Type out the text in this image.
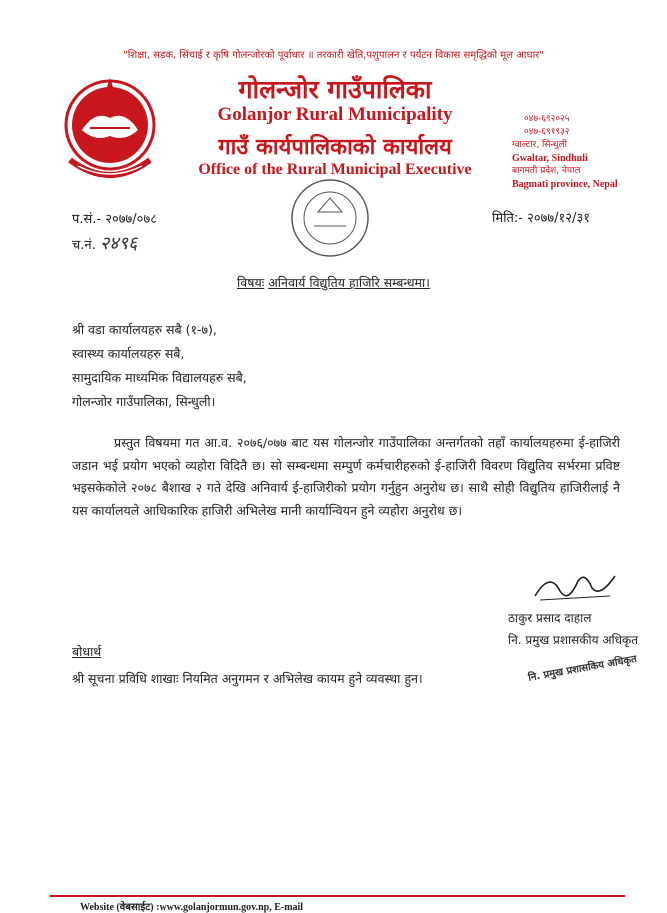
"शिक्षा, सडक, सिंचाई र कृषि गोलन्जोरको पूर्वाधार ॥ तरकारी खेति,पशुपालन र पर्यटन विकास समृद्धिको मूल आधार"
गोलन्जोर गाउँपालिका
Golanjor Rural Municipality
गाउँ कार्यपालिकाको कार्यालय
Office of the Rural Municipal Executive
०४७-६९२०२५
०४७-६९१९३२
ग्वाल्टार, सिन्धुली
Gwaltar, Sindhuli
बागमती प्रदेश, नेपाल
Bagmati province, Nepal
प.सं.- २०७७/०७८
च.नं. २४९६
मिति:- २०७७/१२/३१
विषयः अनिवार्य विद्युतिय हाजिरि सम्बन्धमा।
श्री वडा कार्यालयहरु सबै (१-७),
स्वास्थ्य कार्यालयहरु सबै,
सामुदायिक माध्यमिक विद्यालयहरु सबै,
गोलन्जोर गाउँपालिका, सिन्धुली।

प्रस्तुत विषयमा गत आ.व. २०७६/०७७ बाट यस गोलन्जोर गाउँपालिका अन्तर्गतको तहाँ कार्यालयहरुमा ई-हाजिरी जडान भई प्रयोग भएको व्यहोरा विदितै छ। सो सम्बन्धमा सम्पुर्ण कर्मचारीहरुको ई-हाजिरी विवरण विद्युतिय सर्भरमा प्रविष्ट भइसकेकोले २०७८ बैशाख २ गते देखि अनिवार्य ई-हाजिरीको प्रयोग गर्नुहुन अनुरोध छ। साथै सोही विद्युतिय हाजिरीलाई नै यस कार्यालयले आधिकारिक हाजिरी अभिलेख मानी कार्यान्वियन हुने व्यहोरा अनुरोध छ।

ठाकुर प्रसाद दाहाल
नि. प्रमुख प्रशासकीय अधिकृत
बोधार्थ
श्री सूचना प्रविधि शाखाः नियमित अनुगमन र अभिलेख कायम हुने व्यवस्था हुन।	नि. प्रमुख प्रशासकिय अधिकृत
Website (वेबसाईट) :www.golanjormun.gov.np, E-mail
